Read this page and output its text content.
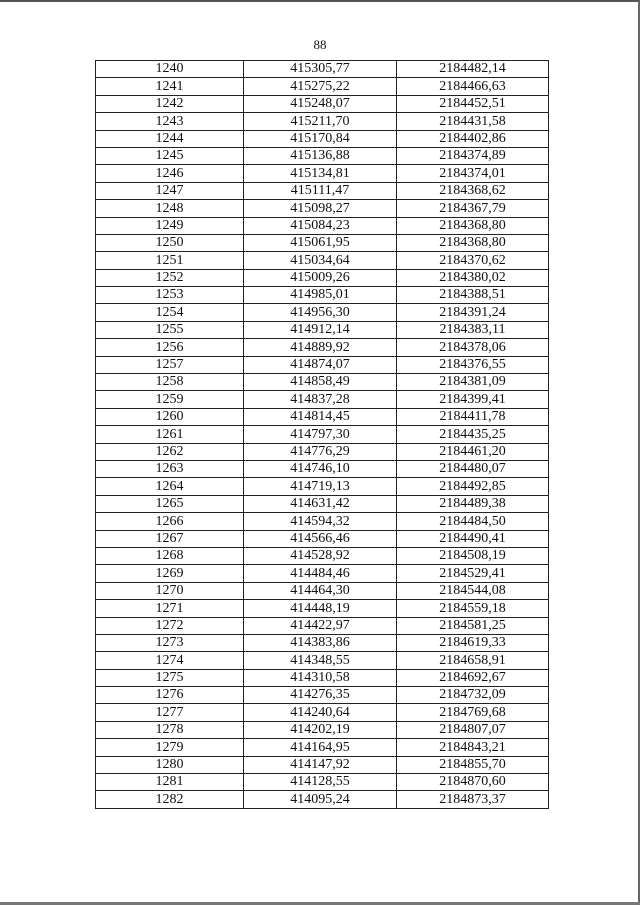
88
1240	415305,77	2184482,14
1241	415275,22	2184466,63
1242	415248,07	2184452,51
1243	415211,70	2184431,58
1244	415170,84	2184402,86
1245	415136,88	2184374,89
1246	415134,81	2184374,01
1247	415111,47	2184368,62
1248	415098,27	2184367,79
1249	415084,23	2184368,80
1250	415061,95	2184368,80
1251	415034,64	2184370,62
1252	415009,26	2184380,02
1253	414985,01	2184388,51
1254	414956,30	2184391,24
1255	414912,14	2184383,11
1256	414889,92	2184378,06
1257	414874,07	2184376,55
1258	414858,49	2184381,09
1259	414837,28	2184399,41
1260	414814,45	2184411,78
1261	414797,30	2184435,25
1262	414776,29	2184461,20
1263	414746,10	2184480,07
1264	414719,13	2184492,85
1265	414631,42	2184489,38
1266	414594,32	2184484,50
1267	414566,46	2184490,41
1268	414528,92	2184508,19
1269	414484,46	2184529,41
1270	414464,30	2184544,08
1271	414448,19	2184559,18
1272	414422,97	2184581,25
1273	414383,86	2184619,33
1274	414348,55	2184658,91
1275	414310,58	2184692,67
1276	414276,35	2184732,09
1277	414240,64	2184769,68
1278	414202,19	2184807,07
1279	414164,95	2184843,21
1280	414147,92	2184855,70
1281	414128,55	2184870,60
1282	414095,24	2184873,37
